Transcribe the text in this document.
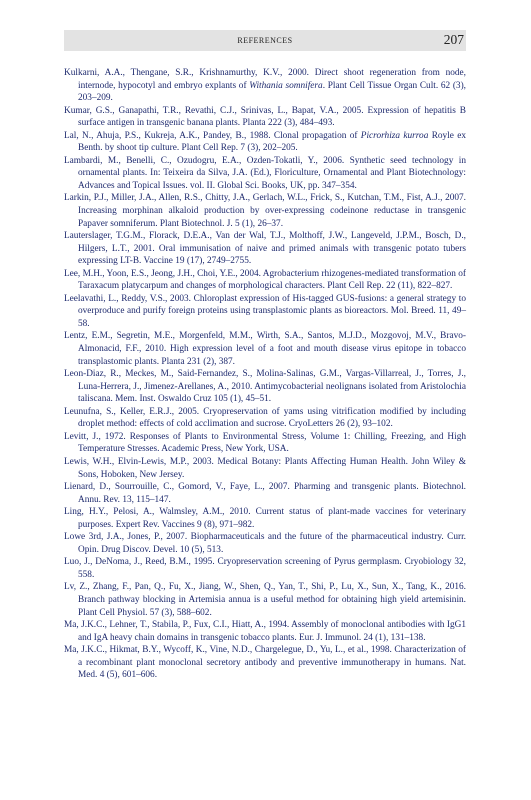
REFERENCES	207

Kulkarni, A.A., Thengane, S.R., Krishnamurthy, K.V., 2000. Direct shoot regeneration from node, internode, hypocotyl and embryo explants of Withania somnifera. Plant Cell Tissue Organ Cult. 62 (3), 203–209.

Kumar, G.S., Ganapathi, T.R., Revathi, C.J., Srinivas, L., Bapat, V.A., 2005. Expression of hepatitis B surface antigen in transgenic banana plants. Planta 222 (3), 484–493.

Lal, N., Ahuja, P.S., Kukreja, A.K., Pandey, B., 1988. Clonal propagation of Picrorhiza kurroa Royle ex Benth. by shoot tip culture. Plant Cell Rep. 7 (3), 202–205.

Lambardi, M., Benelli, C., Ozudogru, E.A., Ozden-Tokatli, Y., 2006. Synthetic seed technology in ornamental plants. In: Teixeira da Silva, J.A. (Ed.), Floriculture, Ornamental and Plant Biotechnology: Advances and Topical Issues. vol. II. Global Sci. Books, UK, pp. 347–354.

Larkin, P.J., Miller, J.A., Allen, R.S., Chitty, J.A., Gerlach, W.L., Frick, S., Kutchan, T.M., Fist, A.J., 2007. Increasing morphinan alkaloid production by over-expressing codeinone reductase in transgenic Papaver somniferum. Plant Biotechnol. J. 5 (1), 26–37.

Lauterslager, T.G.M., Florack, D.E.A., Van der Wal, T.J., Molthoff, J.W., Langeveld, J.P.M., Bosch, D., Hilgers, L.T., 2001. Oral immunisation of naive and primed animals with transgenic potato tubers expressing LT-B. Vaccine 19 (17), 2749–2755.

Lee, M.H., Yoon, E.S., Jeong, J.H., Choi, Y.E., 2004. Agrobacterium rhizogenes-mediated transformation of Taraxacum platycarpum and changes of morphological characters. Plant Cell Rep. 22 (11), 822–827.

Leelavathi, L., Reddy, V.S., 2003. Chloroplast expression of His-tagged GUS-fusions: a general strategy to overproduce and purify foreign proteins using transplastomic plants as bioreactors. Mol. Breed. 11, 49–58.

Lentz, E.M., Segretin, M.E., Morgenfeld, M.M., Wirth, S.A., Santos, M.J.D., Mozgovoj, M.V., Bravo-Almonacid, F.F., 2010. High expression level of a foot and mouth disease virus epitope in tobacco transplastomic plants. Planta 231 (2), 387.

Leon-Diaz, R., Meckes, M., Said-Fernandez, S., Molina-Salinas, G.M., Vargas-Villarreal, J., Torres, J., Luna-Herrera, J., Jimenez-Arellanes, A., 2010. Antimycobacterial neolignans isolated from Aristolochia taliscana. Mem. Inst. Oswaldo Cruz 105 (1), 45–51.

Leunufna, S., Keller, E.R.J., 2005. Cryopreservation of yams using vitrification modified by including droplet method: effects of cold acclimation and sucrose. CryoLetters 26 (2), 93–102.

Levitt, J., 1972. Responses of Plants to Environmental Stress, Volume 1: Chilling, Freezing, and High Temperature Stresses. Academic Press, New York, USA.

Lewis, W.H., Elvin-Lewis, M.P., 2003. Medical Botany: Plants Affecting Human Health. John Wiley & Sons, Hoboken, New Jersey.

Lienard, D., Sourrouille, C., Gomord, V., Faye, L., 2007. Pharming and transgenic plants. Biotechnol. Annu. Rev. 13, 115–147.

Ling, H.Y., Pelosi, A., Walmsley, A.M., 2010. Current status of plant-made vaccines for veterinary purposes. Expert Rev. Vaccines 9 (8), 971–982.

Lowe 3rd, J.A., Jones, P., 2007. Biopharmaceuticals and the future of the pharmaceutical industry. Curr. Opin. Drug Discov. Devel. 10 (5), 513.

Luo, J., DeNoma, J., Reed, B.M., 1995. Cryopreservation screening of Pyrus germplasm. Cryobiology 32, 558.

Lv, Z., Zhang, F., Pan, Q., Fu, X., Jiang, W., Shen, Q., Yan, T., Shi, P., Lu, X., Sun, X., Tang, K., 2016. Branch pathway blocking in Artemisia annua is a useful method for obtaining high yield artemisinin. Plant Cell Physiol. 57 (3), 588–602.

Ma, J.K.C., Lehner, T., Stabila, P., Fux, C.I., Hiatt, A., 1994. Assembly of monoclonal antibodies with IgG1 and IgA heavy chain domains in transgenic tobacco plants. Eur. J. Immunol. 24 (1), 131–138.

Ma, J.K.C., Hikmat, B.Y., Wycoff, K., Vine, N.D., Chargelegue, D., Yu, L., et al., 1998. Characterization of a recombinant plant monoclonal secretory antibody and preventive immunotherapy in humans. Nat. Med. 4 (5), 601–606.
